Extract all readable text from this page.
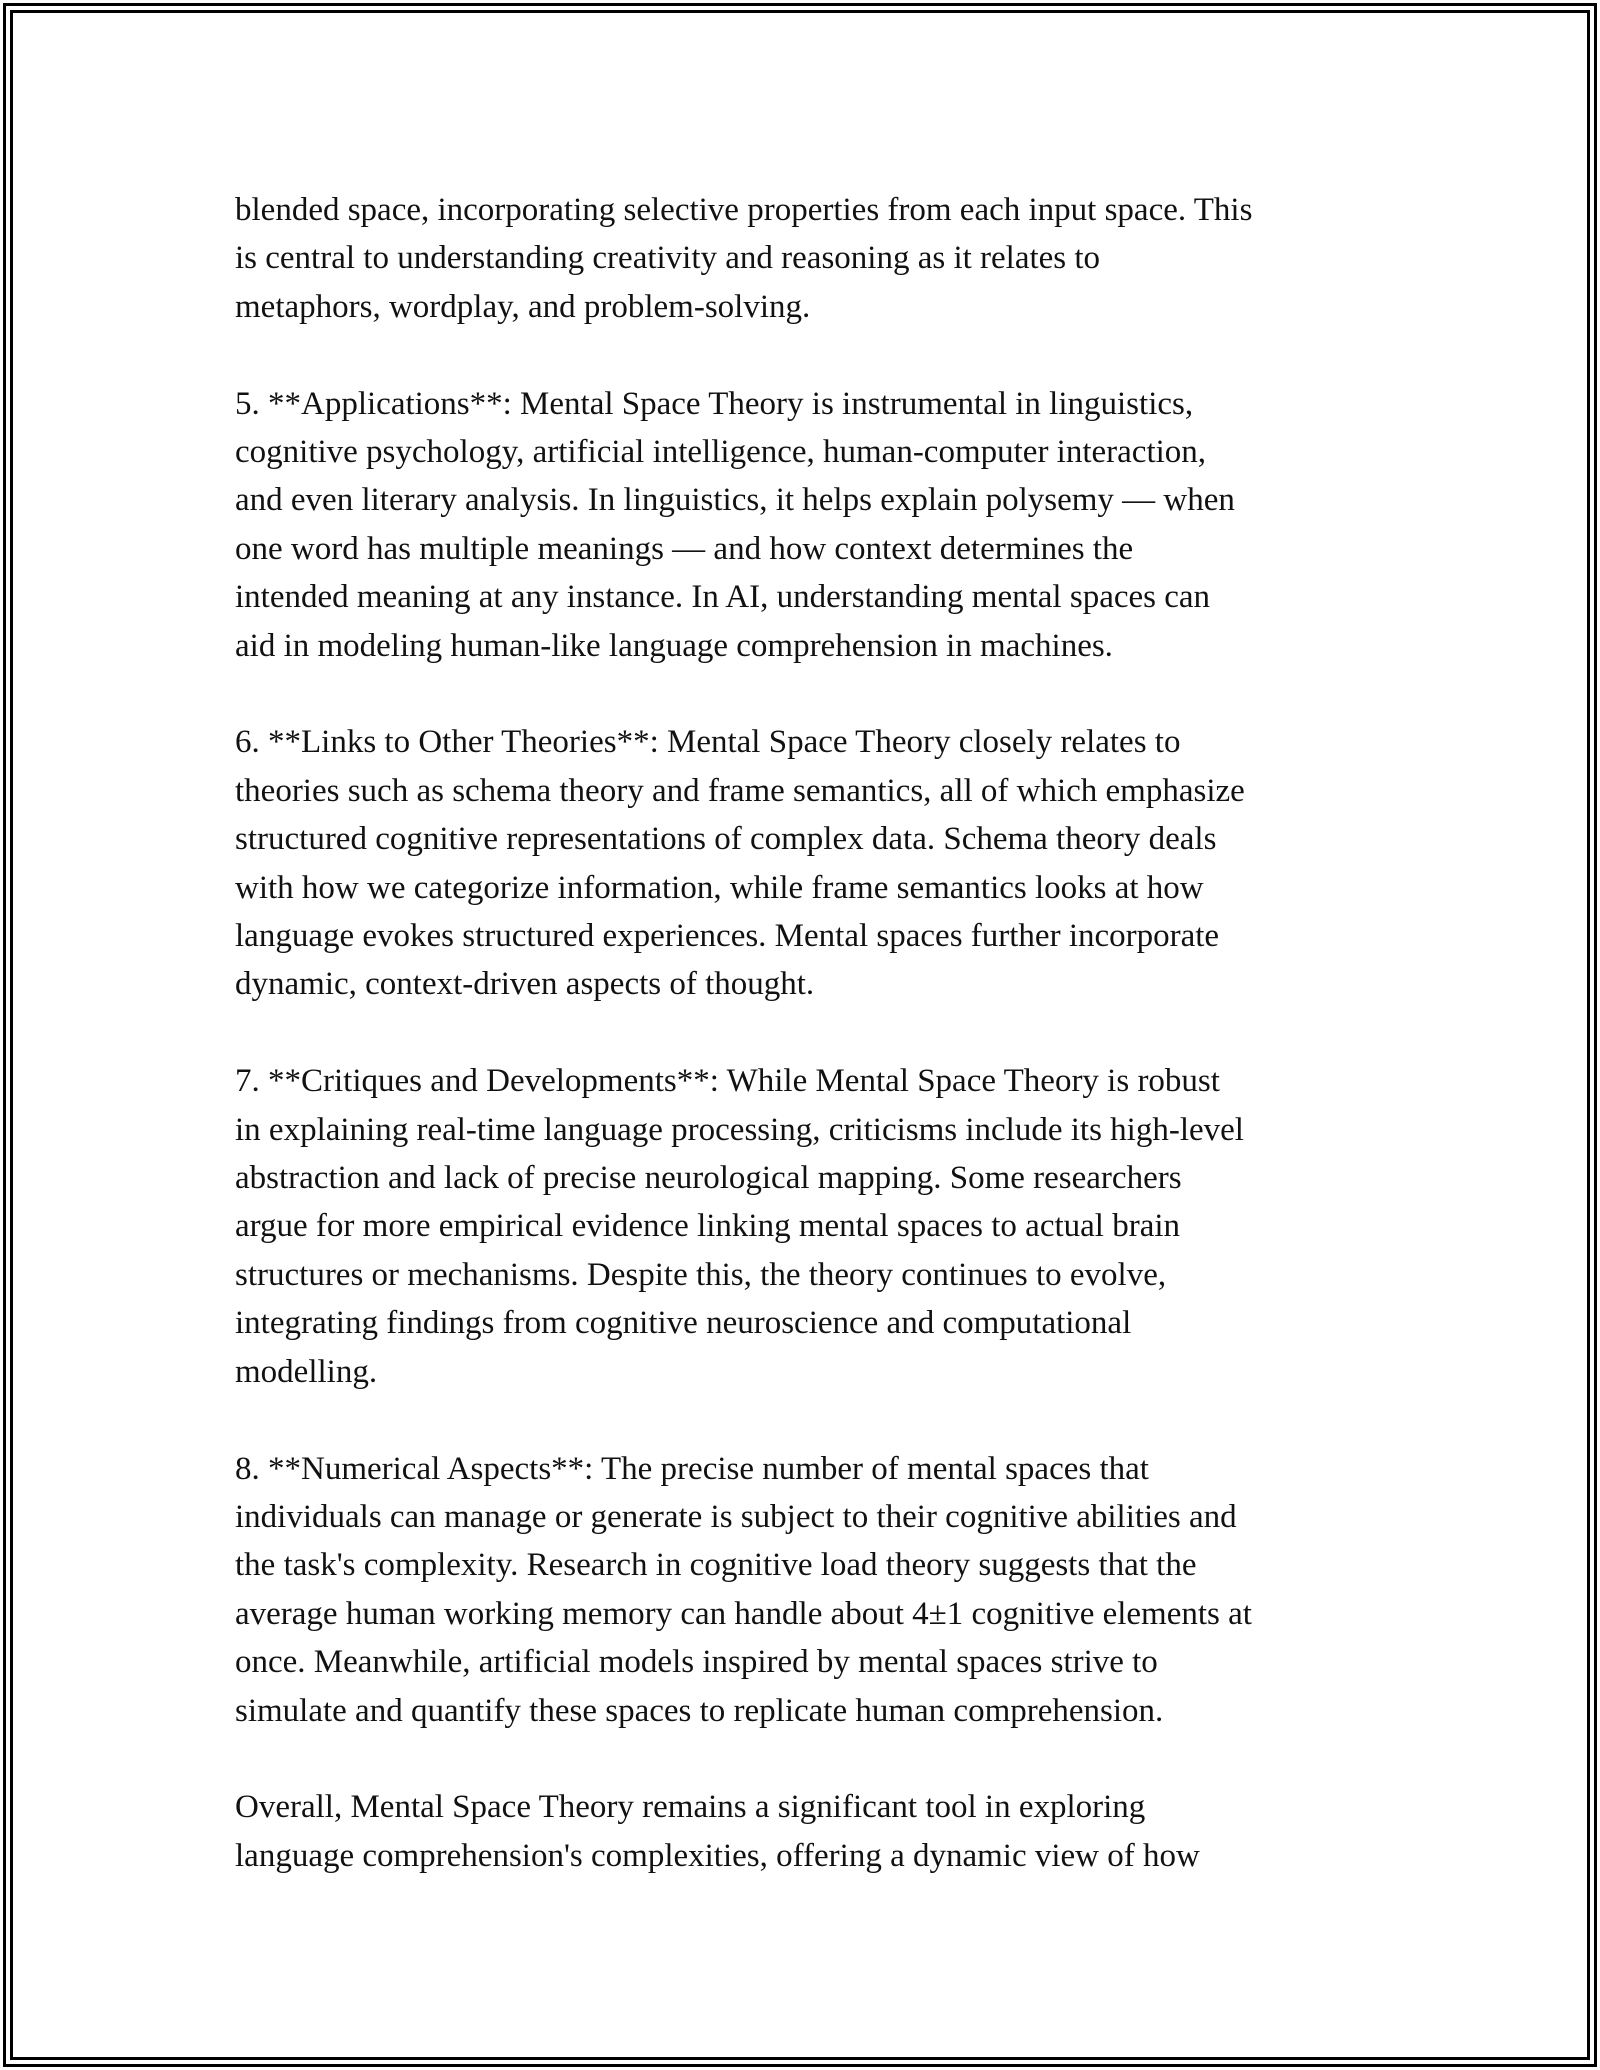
blended space, incorporating selective properties from each input space. This
is central to understanding creativity and reasoning as it relates to
metaphors, wordplay, and problem-solving.

5. **Applications**: Mental Space Theory is instrumental in linguistics,
cognitive psychology, artificial intelligence, human-computer interaction,
and even literary analysis. In linguistics, it helps explain polysemy — when
one word has multiple meanings — and how context determines the
intended meaning at any instance. In AI, understanding mental spaces can
aid in modeling human-like language comprehension in machines.

6. **Links to Other Theories**: Mental Space Theory closely relates to
theories such as schema theory and frame semantics, all of which emphasize
structured cognitive representations of complex data. Schema theory deals
with how we categorize information, while frame semantics looks at how
language evokes structured experiences. Mental spaces further incorporate
dynamic, context-driven aspects of thought.

7. **Critiques and Developments**: While Mental Space Theory is robust
in explaining real-time language processing, criticisms include its high-level
abstraction and lack of precise neurological mapping. Some researchers
argue for more empirical evidence linking mental spaces to actual brain
structures or mechanisms. Despite this, the theory continues to evolve,
integrating findings from cognitive neuroscience and computational
modelling.

8. **Numerical Aspects**: The precise number of mental spaces that
individuals can manage or generate is subject to their cognitive abilities and
the task's complexity. Research in cognitive load theory suggests that the
average human working memory can handle about 4±1 cognitive elements at
once. Meanwhile, artificial models inspired by mental spaces strive to
simulate and quantify these spaces to replicate human comprehension.

Overall, Mental Space Theory remains a significant tool in exploring
language comprehension's complexities, offering a dynamic view of how
